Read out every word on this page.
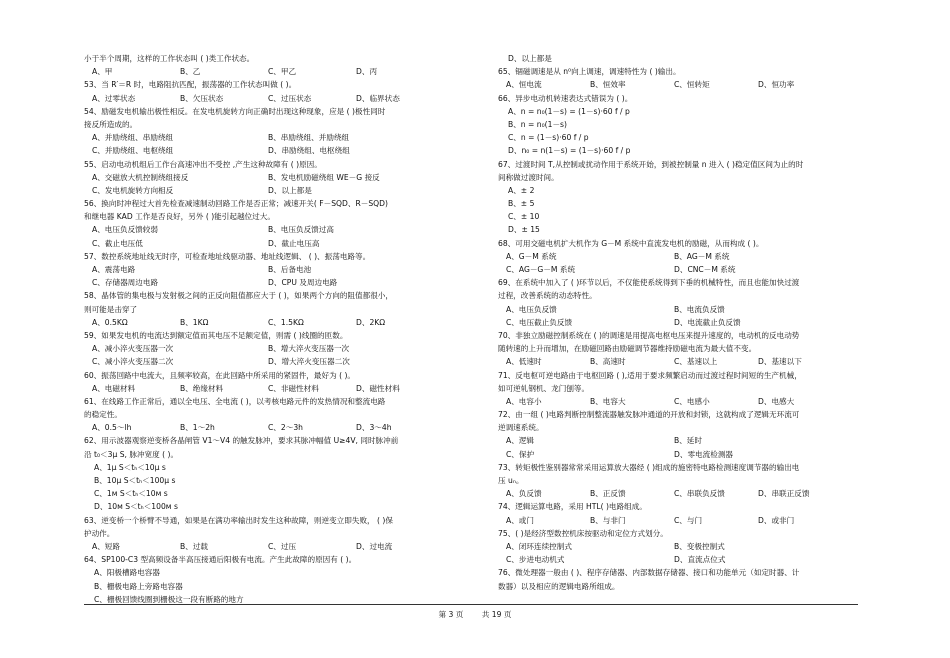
小于半个周期，这样的工作状态叫 ( )类工作状态。
A、甲	B、乙	C、甲乙	D、丙
53、当 R′＝R 时，电路阻抗匹配，振荡器的工作状态叫做 ( )。
A、过零状态	B、欠压状态	C、过压状态	D、临界状态
54、励磁发电机输出极性相反。在发电机旋转方向正确时出现这种现象，应是 ( )极性同时
接反所造成的。
A、并励绕组、串励绕组	B、串励绕组、并励绕组
C、并励绕组、电枢绕组	D、串励绕组、电枢绕组
55、启动电动机组后工作台高速冲出不受控 ,产生这种故障有 ( )原因。
A、交磁放大机控制绕组接反	B、发电机励磁绕组 WE－G 接反
C、发电机旋转方向相反	D、以上都是
56、换向时冲程过大首先检查减速制动回路工作是否正常；减速开关( F－SQD、R－SQD)
和继电器 KAD 工作是否良好，另外 ( )能引起越位过大。
A、电压负反馈较弱	B、电压负反馈过高
C、截止电压低	D、截止电压高
57、数控系统地址线无时序，可检查地址线驱动器、地址线逻辑、 ( )、振荡电路等。
A、震荡电路	B、后备电池
C、存储器周边电路	D、CPU 及周边电路
58、晶体管的集电极与发射极之间的正反向阻值都应大于 ( )，如果两个方向的阻值都很小，
则可能是击穿了
A、0.5KΩ	B、1KΩ	C、1.5KΩ	D、2KΩ
59、如果发电机的电流达到额定值而其电压不足额定值，则需 ( )线圈的匝数。
A、减小淬火变压器一次	B、增大淬火变压器一次
C、减小淬火变压器二次	D、增大淬火变压器二次
60、振荡回路中电流大，且频率较高，在此回路中所采用的紧固件，最好为 ( )。
A、电磁材料	B、绝缘材料	C、非磁性材料	D、磁性材料
61、在线路工作正常后，通以全电压、全电流 ( )，以考核电路元件的发热情况和整流电路
的稳定性。
A、0.5～lh	B、1～2h	C、2～3h	D、3～4h
62、用示波器观察逆变桥各晶闸管 V1～V4 的触发脉冲，要求其脉冲幅值 U≥4V, 同时脉冲前
沿 t₀＜3μ S, 脉冲宽度 ( )。
A、1μ S＜tₕ＜10μ s
B、10μ S＜tₕ＜100μ s
C、1ᴍ S＜tₕ＜10ᴍ s
D、10ᴍ S＜tₕ＜100ᴍ s
63、逆变桥一个桥臂不导通，如果是在满功率输出时发生这种故障，则逆变立即失败， ( )保
护动作。
A、短路	B、过载	C、过压	D、过电流
64、SP100-C3 型高频设备半高压接通后阳极有电流。产生此故障的原因有 ( )。
A、阳极槽路电容器
B、栅极电路上旁路电容器
C、栅极回馈线圈到栅极这一段有断路的地方
D、以上都是
65、锢磁调速是从 n⁰向上调速，调速特性为 ( )输出。
A、恒电流	B、恒效率	C、恒转矩	D、恒功率
66、异步电动机转速表达式错误为 ( )。
A、n = n₀(1－s) = (1－s)·60 f / p
B、n = n₀(1－s)
C、n = (1－s)·60 f / p
D、n₀ = n(1－s) = (1－s)·60 f / p
67、过渡时间 T,从控制或扰动作用于系统开始，到被控制量 n 进入 ( )稳定值区间为止的时
间称做过渡时间。
A、± 2
B、± 5
C、± 10
D、± 15
68、可用交磁电机扩大机作为 G－M 系统中直流发电机的励磁，从而构成 ( )。
A、G－M 系统	B、AG－M 系统
C、AG－G－M 系统	D、CNC－M 系统
69、在系统中加入了 ( )环节以后，不仅能使系统得到下垂的机械特性，而且也能加快过渡
过程，改善系统的动态特性。
A、电压负反馈	B、电流负反馈
C、电压截止负反馈	D、电流截止负反馈
70、非独立励磁控制系统在 ( )的调速是用提高电枢电压来提升速度的，电动机的反电动势
随转速的上升而增加，在励磁回路由励磁调节器维持励磁电流为最大值不变。
A、低速时	B、高速时	C、基速以上	D、基速以下
71、反电枢可逆电路由于电枢回路 ( ),适用于要求频繁启动而过渡过程时间短的生产机械，
如可逆轧钢机、龙门刨等。
A、电容小	B、电容大	C、电感小	D、电感大
72、由一组 ( )电路判断控制整流器触发脉冲通道的开放和封锁，这就构成了逻辑无环流可
逆调速系统。
A、逻辑	B、延时
C、保护	D、零电流检测器
73、转矩极性鉴别器常常采用运算放大器经 ( )组成的施密特电路检测速度调节器的输出电
压 uₙ。
A、负反馈	B、正反馈	C、串联负反馈	D、串联正反馈
74、逻辑运算电路，采用 HTL( )电路组成。
A、或门	B、与非门	C、与门	D、或非门
75、( )是经济型数控机床按驱动和定位方式划分。
A、闭环连续控制式	B、变极控制式
C、步进电动机式	D、直流点位式
76、微处理器一般由 ( )、程序存储器、内部数据存储器、接口和功能单元（如定时器、计
数器）以及相应的逻辑电路所组成。
第 3 页 共 19 页
